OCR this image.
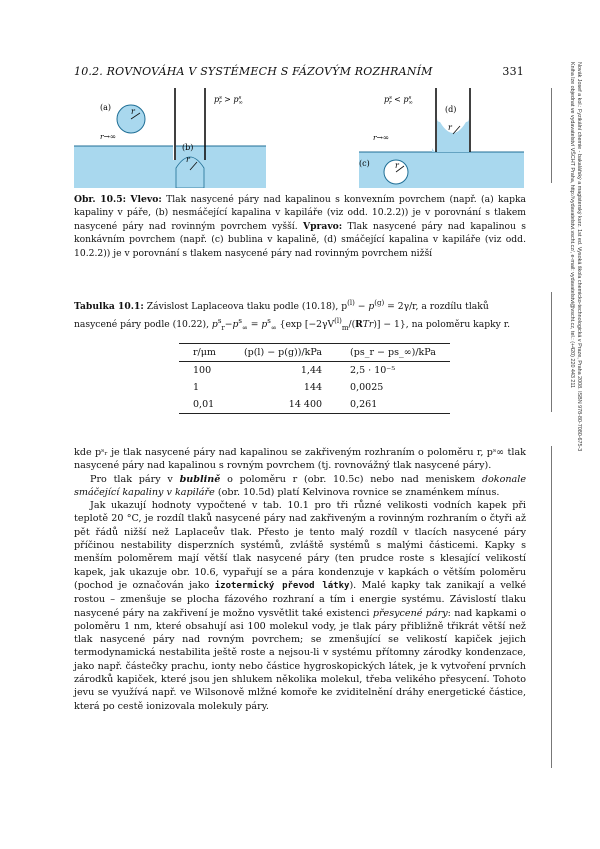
10.2. ROVNOVÁHA V SYSTÉMECH S FÁZOVÝM ROZHRANÍM	331
r
(a)
r→∞
r
(b)
$p^s$ $r > p^s$ ∞
r
(c)
r→∞
r
(d)
$p^s$ $r < p^s$ ∞
Obr. 10.5: Vlevo: Tlak nasycené páry nad kapalinou s konvexním povrchem (např. (a) kapka kapaliny v páře, (b) nesmáčející kapalina v kapiláře (viz odd. 10.2.2)) je v porovnání s tlakem nasycené páry nad rovinným povrchem vyšší. Vpravo: Tlak nasycené páry nad kapalinou s konkávním povrchem (např. (c) bublina v kapalině, (d) smáčející kapalina v kapiláře (viz odd. 10.2.2)) je v porovnání s tlakem nasycené páry nad rovinným povrchem nižší
Tabulka 10.1: Závislost Laplaceova tlaku podle (10.18), $p^{(l)} - p^{(g)} = 2\gamma/r$, a rozdílu tlaků nasycené páry podle (10.22), $p^s_r-p^s_\infty = p^s_\infty$ {exp $[-2\gamma V^{(l)}_m/(RTr)] - 1$}, na poloměru kapky r.
r/μm	(p(l) − p(g))/kPa	(ps_r − ps_∞)/kPa
100	1,44	2,5 · 10⁻⁵
1	144	0,0025
0,01	14 400	0,261

kde pˢᵣ je tlak nasycené páry nad kapalinou se zakřiveným rozhraním o poloměru r, pˢ∞ tlak nasycené páry nad kapalinou s rovným povrchem (tj. rovnovážný tlak nasycené páry).

Pro tlak páry v bublině o poloměru r (obr. 10.5c) nebo nad meniskem dokonale smáčející kapaliny v kapiláře (obr. 10.5d) platí Kelvinova rovnice se znaménkem mínus.

Jak ukazují hodnoty vypočtené v tab. 10.1 pro tři různé velikosti vodních kapek při teplotě 20 °C, je rozdíl tlaků nasycené páry nad zakřiveným a rovinným rozhraním o čtyři až pět řádů nižší než Laplaceův tlak. Přesto je tento malý rozdíl v tlacích nasycené páry příčinou nestability disperzních systémů, zvláště systémů s malými částicemi. Kapky s menším poloměrem mají větší tlak nasycené páry (ten prudce roste s klesající velikostí kapek, jak ukazuje obr. 10.6, vypařují se a pára kondenzuje v kapkách o větším poloměru (pochod je označován jako izotermický převod látky). Malé kapky tak zanikají a velké rostou – zmenšuje se plocha fázového rozhraní a tím i energie systému. Závislostí tlaku nasycené páry na zakřivení je možno vysvětlit také existenci přesycené páry: nad kapkami o poloměru 1 nm, které obsahují asi 100 molekul vody, je tlak páry přibližně třikrát větší než tlak nasycené páry nad rovným povrchem; se zmenšující se velikostí kapiček jejich termodynamická nestabilita ještě roste a nejsou-li v systému přítomny zárodky kondenzace, jako např. částečky prachu, ionty nebo částice hygroskopických látek, je k vytvoření prvních zárodků kapiček, které jsou jen shlukem několika molekul, třeba velikého přesycení. Tohoto jevu se využívá např. ve Wilsonově mlžné komoře ke zviditelnění dráhy energetické částice, která po cestě ionizovala molekuly páry.

Novák Josef a kol.: Fyzikální chemie - bakalářský a magisterský kurz. 1st ed. Vysoká škola chemicko-technologická v Praze, Praha 2008. ISBN 978-80-7080-675-3
Kniha lze objednat ve vydavatelství VŠCHT Praha, http://vydavatelstvi.vscht.cz/, e-mail: vydavatelstvi@vscht.cz, tel.: (+420) 220 443 211
